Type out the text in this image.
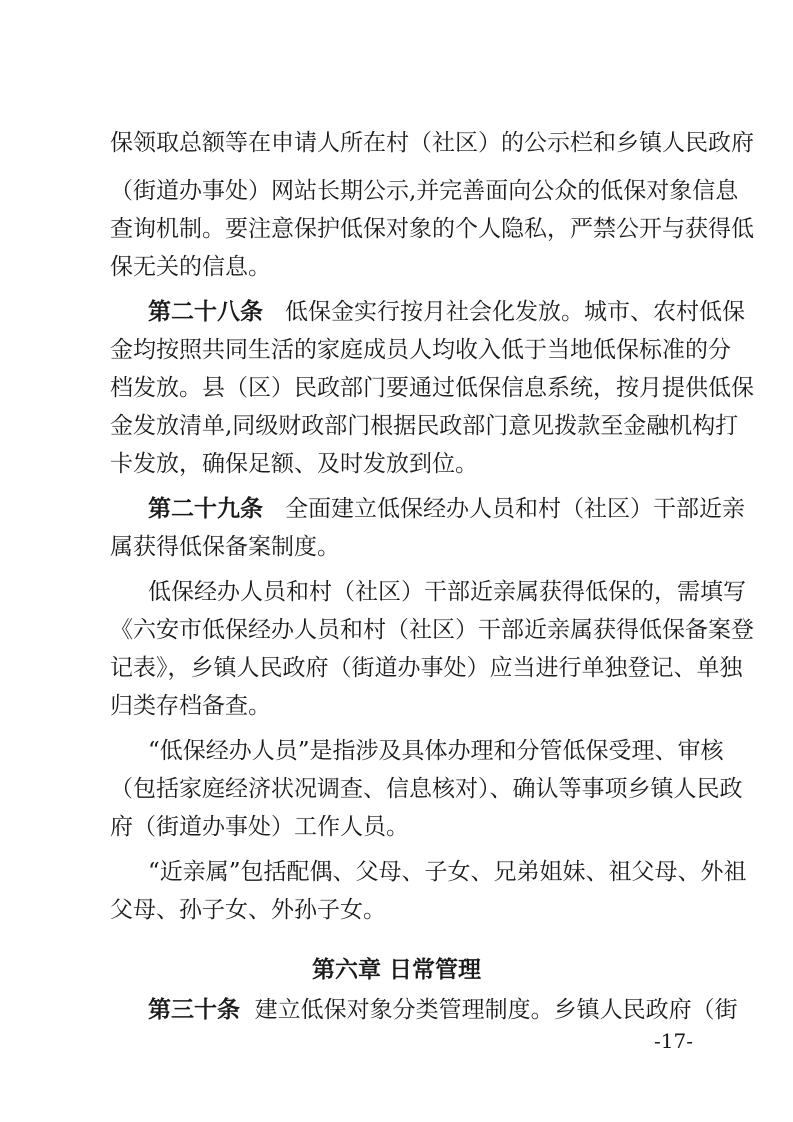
保领取总额等在申请人所在村（社区）的公示栏和乡镇人民政府
（街道办事处）网站长期公示,并完善面向公众的低保对象信息
查询机制。要注意保护低保对象的个人隐私，严禁公开与获得低
保无关的信息。
第二十八条 低保金实行按月社会化发放。城市、农村低保
金均按照共同生活的家庭成员人均收入低于当地低保标准的分
档发放。县（区）民政部门要通过低保信息系统，按月提供低保
金发放清单,同级财政部门根据民政部门意见拨款至金融机构打
卡发放，确保足额、及时发放到位。
第二十九条 全面建立低保经办人员和村（社区）干部近亲
属获得低保备案制度。
低保经办人员和村（社区）干部近亲属获得低保的，需填写
《六安市低保经办人员和村（社区）干部近亲属获得低保备案登
记表》，乡镇人民政府（街道办事处）应当进行单独登记、单独
归类存档备查。
“低保经办人员”是指涉及具体办理和分管低保受理、审核
（包括家庭经济状况调查、信息核对）、确认等事项乡镇人民政
府（街道办事处）工作人员。
“近亲属”包括配偶、父母、子女、兄弟姐妹、祖父母、外祖
父母、孙子女、外孙子女。
第六章 日常管理
第三十条 建立低保对象分类管理制度。乡镇人民政府（街
-17-
